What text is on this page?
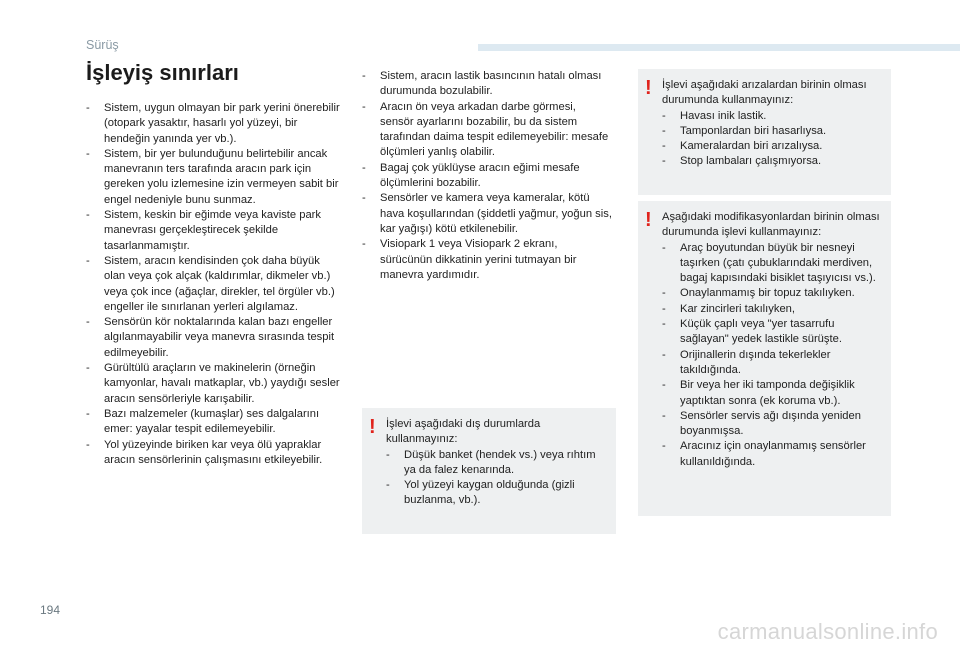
Sürüş
İşleyiş sınırları
- Sistem, uygun olmayan bir park yerini önerebilir (otopark yasaktır, hasarlı yol yüzeyi, bir hendeğin yanında yer vb.).
- Sistem, bir yer bulunduğunu belirtebilir ancak manevranın ters tarafında aracın park için gereken yolu izlemesine izin vermeyen sabit bir engel nedeniyle bunu sunmaz.
- Sistem, keskin bir eğimde veya kaviste park manevrası gerçekleştirecek şekilde tasarlanmamıştır.
- Sistem, aracın kendisinden çok daha büyük olan veya çok alçak (kaldırımlar, dikmeler vb.) veya çok ince (ağaçlar, direkler, tel örgüler vb.) engeller ile sınırlanan yerleri algılamaz.
- Sensörün kör noktalarında kalan bazı engeller algılanmayabilir veya manevra sırasında tespit edilmeyebilir.
- Gürültülü araçların ve makinelerin (örneğin kamyonlar, havalı matkaplar, vb.) yaydığı sesler aracın sensörleriyle karışabilir.
- Bazı malzemeler (kumaşlar) ses dalgalarını emer: yayalar tespit edilemeyebilir.
- Yol yüzeyinde biriken kar veya ölü yapraklar aracın sensörlerinin çalışmasını etkileyebilir.
- Sistem, aracın lastik basıncının hatalı olması durumunda bozulabilir.
- Aracın ön veya arkadan darbe görmesi, sensör ayarlarını bozabilir, bu da sistem tarafından daima tespit edilemeyebilir: mesafe ölçümleri yanlış olabilir.
- Bagaj çok yüklüyse aracın eğimi mesafe ölçümlerini bozabilir.
- Sensörler ve kamera veya kameralar, kötü hava koşullarından (şiddetli yağmur, yoğun sis, kar yağışı) kötü etkilenebilir.
- Visiopark 1 veya Visiopark 2 ekranı, sürücünün dikkatinin yerini tutmayan bir manevra yardımıdır.
! İşlevi aşağıdaki dış durumlarda kullanmayınız:
- Düşük banket (hendek vs.) veya rıhtım ya da falez kenarında.
- Yol yüzeyi kaygan olduğunda (gizli buzlanma, vb.).
! İşlevi aşağıdaki arızalardan birinin olması durumunda kullanmayınız:
- Havası inik lastik.
- Tamponlardan biri hasarlıysa.
- Kameralardan biri arızalıysa.
- Stop lambaları çalışmıyorsa.
! Aşağıdaki modifikasyonlardan birinin olması durumunda işlevi kullanmayınız:
- Araç boyutundan büyük bir nesneyi taşırken (çatı çubuklarındaki merdiven, bagaj kapısındaki bisiklet taşıyıcısı vs.).
- Onaylanmamış bir topuz takılıyken.
- Kar zincirleri takılıyken,
- Küçük çaplı veya "yer tasarrufu sağlayan" yedek lastikle sürüşte.
- Orijinallerin dışında tekerlekler takıldığında.
- Bir veya her iki tamponda değişiklik yaptıktan sonra (ek koruma vb.).
- Sensörler servis ağı dışında yeniden boyanmışsa.
- Aracınız için onaylanmamış sensörler kullanıldığında.
194
carmanualsonline.info
